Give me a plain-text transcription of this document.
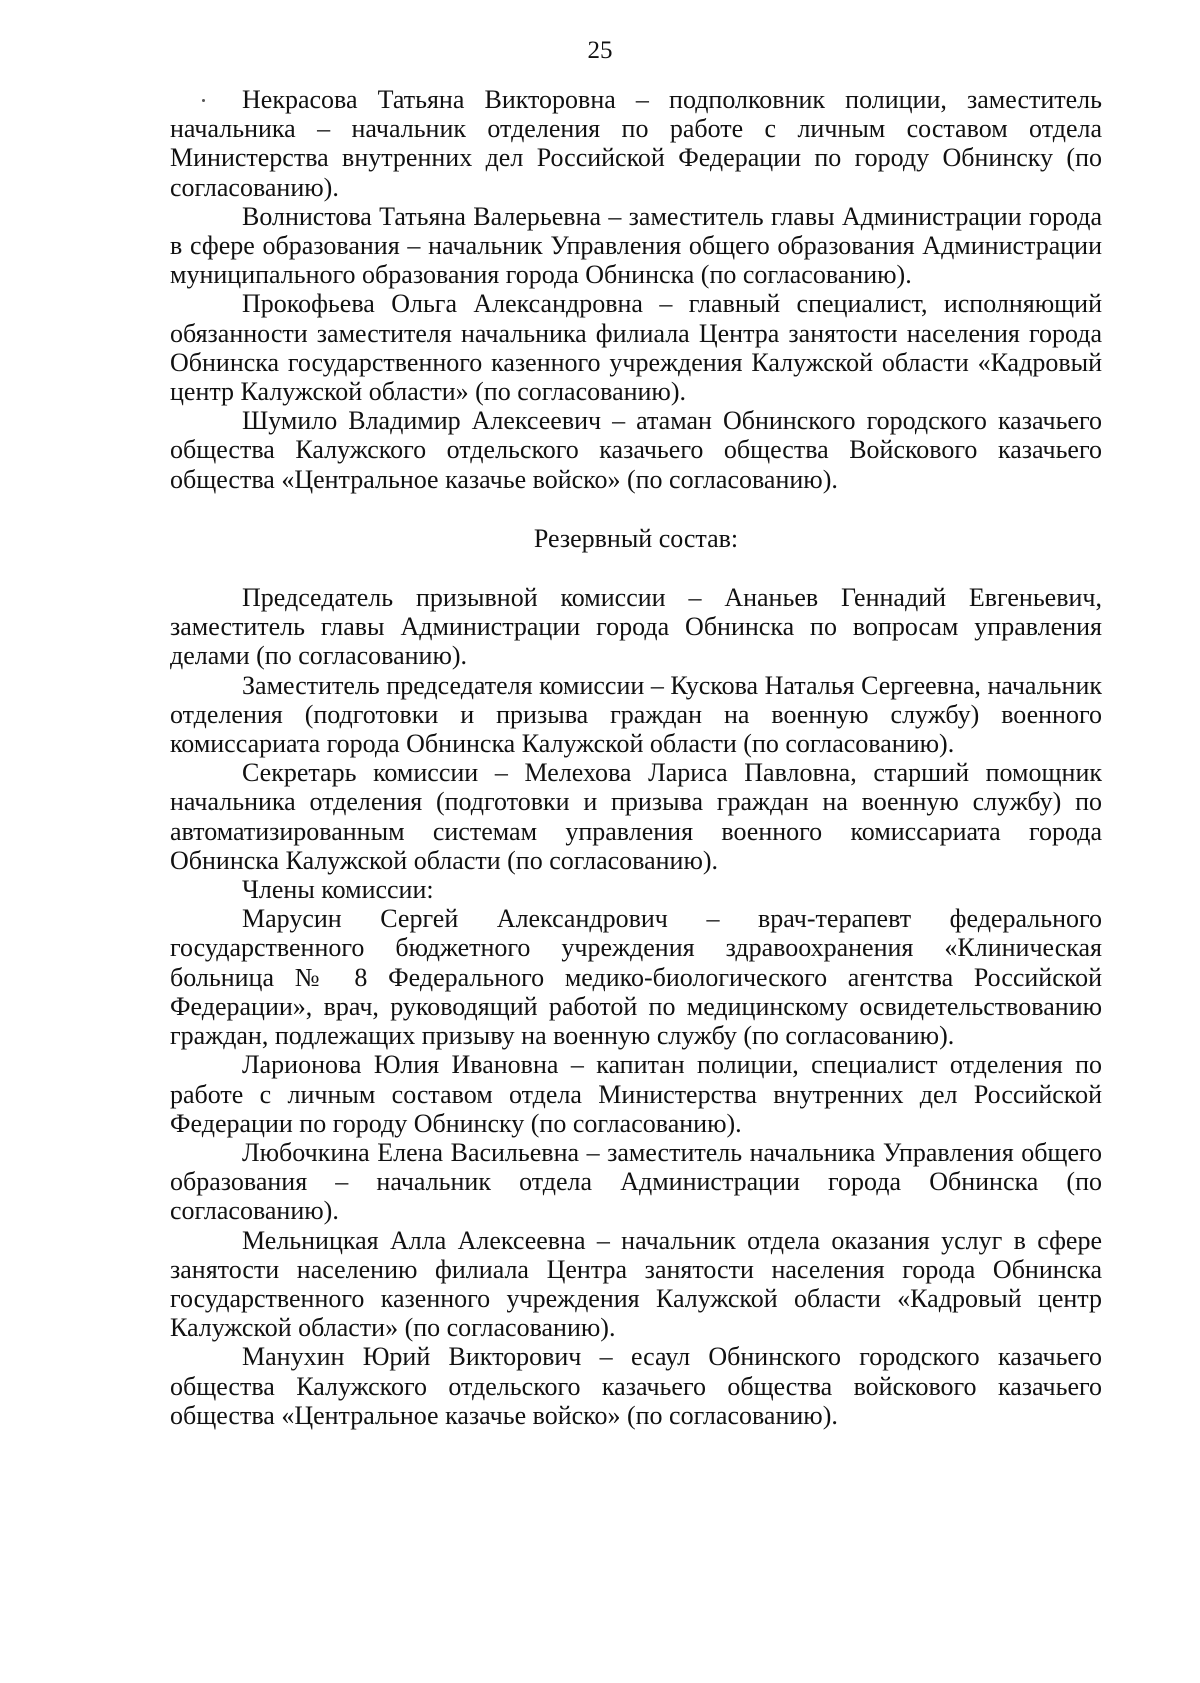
25

Некрасова Татьяна Викторовна – подполковник полиции, заместитель начальника – начальник отделения по работе с личным составом отдела Министерства внутренних дел Российской Федерации по городу Обнинску (по согласованию).

Волнистова Татьяна Валерьевна – заместитель главы Администрации города в сфере образования – начальник Управления общего образования Администрации муниципального образования города Обнинска (по согласованию).

Прокофьева Ольга Александровна – главный специалист, исполняющий обязанности заместителя начальника филиала Центра занятости населения города Обнинска государственного казенного учреждения Калужской области «Кадровый центр Калужской области» (по согласованию).

Шумило Владимир Алексеевич – атаман Обнинского городского казачьего общества Калужского отдельского казачьего общества Войскового казачьего общества «Центральное казачье войско» (по согласованию).

Резервный состав:

Председатель призывной комиссии – Ананьев Геннадий Евгеньевич, заместитель главы Администрации города Обнинска по вопросам управления делами (по согласованию).

Заместитель председателя комиссии – Кускова Наталья Сергеевна, начальник отделения (подготовки и призыва граждан на военную службу) военного комиссариата города Обнинска Калужской области (по согласованию).

Секретарь комиссии – Мелехова Лариса Павловна, старший помощник начальника отделения (подготовки и призыва граждан на военную службу) по автоматизированным системам управления военного комиссариата города Обнинска Калужской области (по согласованию).

Члены комиссии:

Марусин Сергей Александрович – врач-терапевт федерального государственного бюджетного учреждения здравоохранения «Клиническая больница № 8 Федерального медико-биологического агентства Российской Федерации», врач, руководящий работой по медицинскому освидетельствованию граждан, подлежащих призыву на военную службу (по согласованию).

Ларионова Юлия Ивановна – капитан полиции, специалист отделения по работе с личным составом отдела Министерства внутренних дел Российской Федерации по городу Обнинску (по согласованию).

Любочкина Елена Васильевна – заместитель начальника Управления общего образования – начальник отдела Администрации города Обнинска (по согласованию).

Мельницкая Алла Алексеевна – начальник отдела оказания услуг в сфере занятости населению филиала Центра занятости населения города Обнинска государственного казенного учреждения Калужской области «Кадровый центр Калужской области» (по согласованию).

Манухин Юрий Викторович – есаул Обнинского городского казачьего общества Калужского отдельского казачьего общества войскового казачьего общества «Центральное казачье войско» (по согласованию).
